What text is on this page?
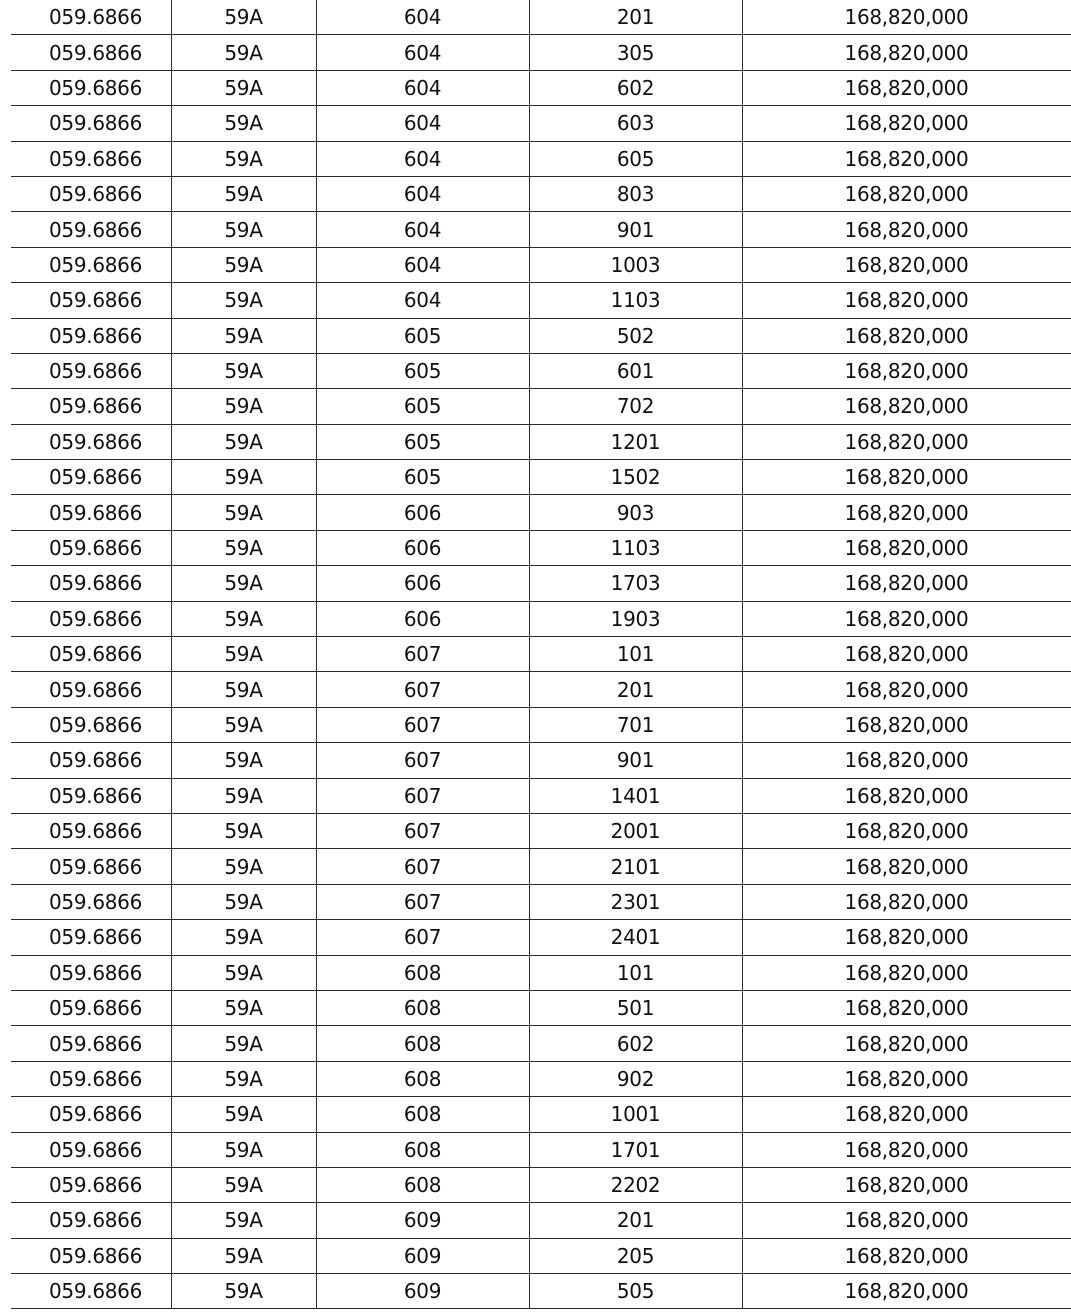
059.6866	59A	604	201	168,820,000
059.6866	59A	604	305	168,820,000
059.6866	59A	604	602	168,820,000
059.6866	59A	604	603	168,820,000
059.6866	59A	604	605	168,820,000
059.6866	59A	604	803	168,820,000
059.6866	59A	604	901	168,820,000
059.6866	59A	604	1003	168,820,000
059.6866	59A	604	1103	168,820,000
059.6866	59A	605	502	168,820,000
059.6866	59A	605	601	168,820,000
059.6866	59A	605	702	168,820,000
059.6866	59A	605	1201	168,820,000
059.6866	59A	605	1502	168,820,000
059.6866	59A	606	903	168,820,000
059.6866	59A	606	1103	168,820,000
059.6866	59A	606	1703	168,820,000
059.6866	59A	606	1903	168,820,000
059.6866	59A	607	101	168,820,000
059.6866	59A	607	201	168,820,000
059.6866	59A	607	701	168,820,000
059.6866	59A	607	901	168,820,000
059.6866	59A	607	1401	168,820,000
059.6866	59A	607	2001	168,820,000
059.6866	59A	607	2101	168,820,000
059.6866	59A	607	2301	168,820,000
059.6866	59A	607	2401	168,820,000
059.6866	59A	608	101	168,820,000
059.6866	59A	608	501	168,820,000
059.6866	59A	608	602	168,820,000
059.6866	59A	608	902	168,820,000
059.6866	59A	608	1001	168,820,000
059.6866	59A	608	1701	168,820,000
059.6866	59A	608	2202	168,820,000
059.6866	59A	609	201	168,820,000
059.6866	59A	609	205	168,820,000
059.6866	59A	609	505	168,820,000
